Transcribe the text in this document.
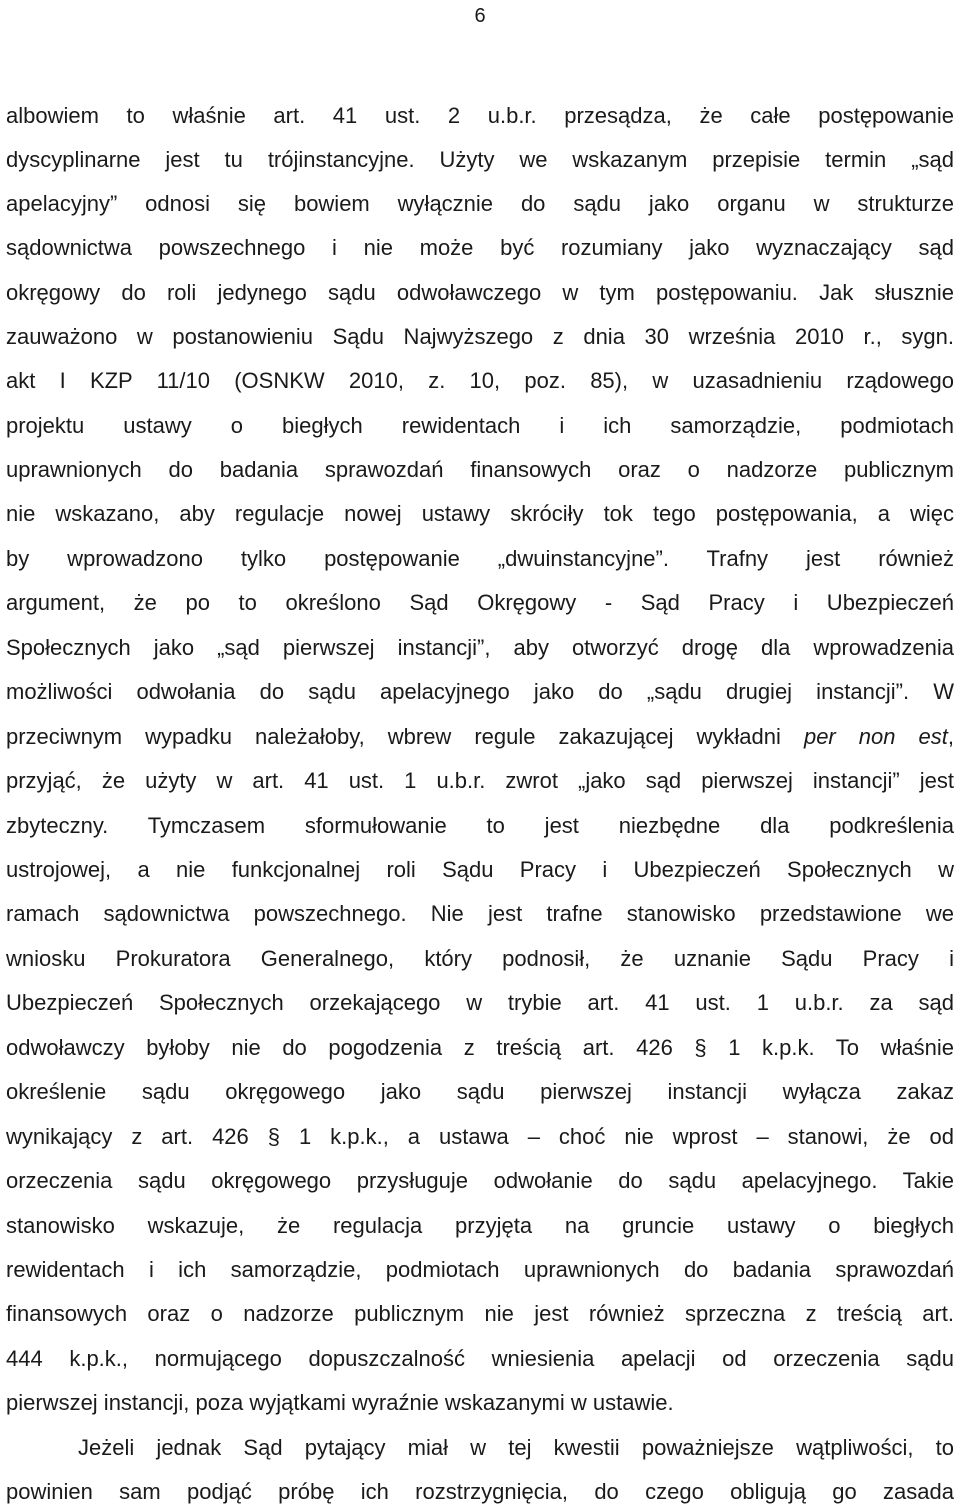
6
albowiem to właśnie art. 41 ust. 2 u.b.r. przesądza, że całe postępowanie
dyscyplinarne jest tu trójinstancyjne. Użyty we wskazanym przepisie termin „sąd
apelacyjny” odnosi się bowiem wyłącznie do sądu jako organu w strukturze
sądownictwa powszechnego i nie może być rozumiany jako wyznaczający sąd
okręgowy do roli jedynego sądu odwoławczego w tym postępowaniu. Jak słusznie
zauważono w postanowieniu Sądu Najwyższego z dnia 30 września 2010 r., sygn.
akt I KZP 11/10 (OSNKW 2010, z. 10, poz. 85), w uzasadnieniu rządowego
projektu ustawy o biegłych rewidentach i ich samorządzie, podmiotach
uprawnionych do badania sprawozdań finansowych oraz o nadzorze publicznym
nie wskazano, aby regulacje nowej ustawy skróciły tok tego postępowania, a więc
by wprowadzono tylko postępowanie „dwuinstancyjne”. Trafny jest również
argument, że po to określono Sąd Okręgowy - Sąd Pracy i Ubezpieczeń
Społecznych jako „sąd pierwszej instancji”, aby otworzyć drogę dla wprowadzenia
możliwości odwołania do sądu apelacyjnego jako do „sądu drugiej instancji”. W
przeciwnym wypadku należałoby, wbrew regule zakazującej wykładni per non est,
przyjąć, że użyty w art. 41 ust. 1 u.b.r. zwrot „jako sąd pierwszej instancji” jest
zbyteczny. Tymczasem sformułowanie to jest niezbędne dla podkreślenia
ustrojowej, a nie funkcjonalnej roli Sądu Pracy i Ubezpieczeń Społecznych w
ramach sądownictwa powszechnego. Nie jest trafne stanowisko przedstawione we
wniosku Prokuratora Generalnego, który podnosił, że uznanie Sądu Pracy i
Ubezpieczeń Społecznych orzekającego w trybie art. 41 ust. 1 u.b.r. za sąd
odwoławczy byłoby nie do pogodzenia z treścią art. 426 § 1 k.p.k. To właśnie
określenie sądu okręgowego jako sądu pierwszej instancji wyłącza zakaz
wynikający z art. 426 § 1 k.p.k., a ustawa – choć nie wprost – stanowi, że od
orzeczenia sądu okręgowego przysługuje odwołanie do sądu apelacyjnego. Takie
stanowisko wskazuje, że regulacja przyjęta na gruncie ustawy o biegłych
rewidentach i ich samorządzie, podmiotach uprawnionych do badania sprawozdań
finansowych oraz o nadzorze publicznym nie jest również sprzeczna z treścią art.
444 k.p.k., normującego dopuszczalność wniesienia apelacji od orzeczenia sądu
pierwszej instancji, poza wyjątkami wyraźnie wskazanymi w ustawie.
Jeżeli jednak Sąd pytający miał w tej kwestii poważniejsze wątpliwości, to
powinien sam podjąć próbę ich rozstrzygnięcia, do czego obligują go zasada
